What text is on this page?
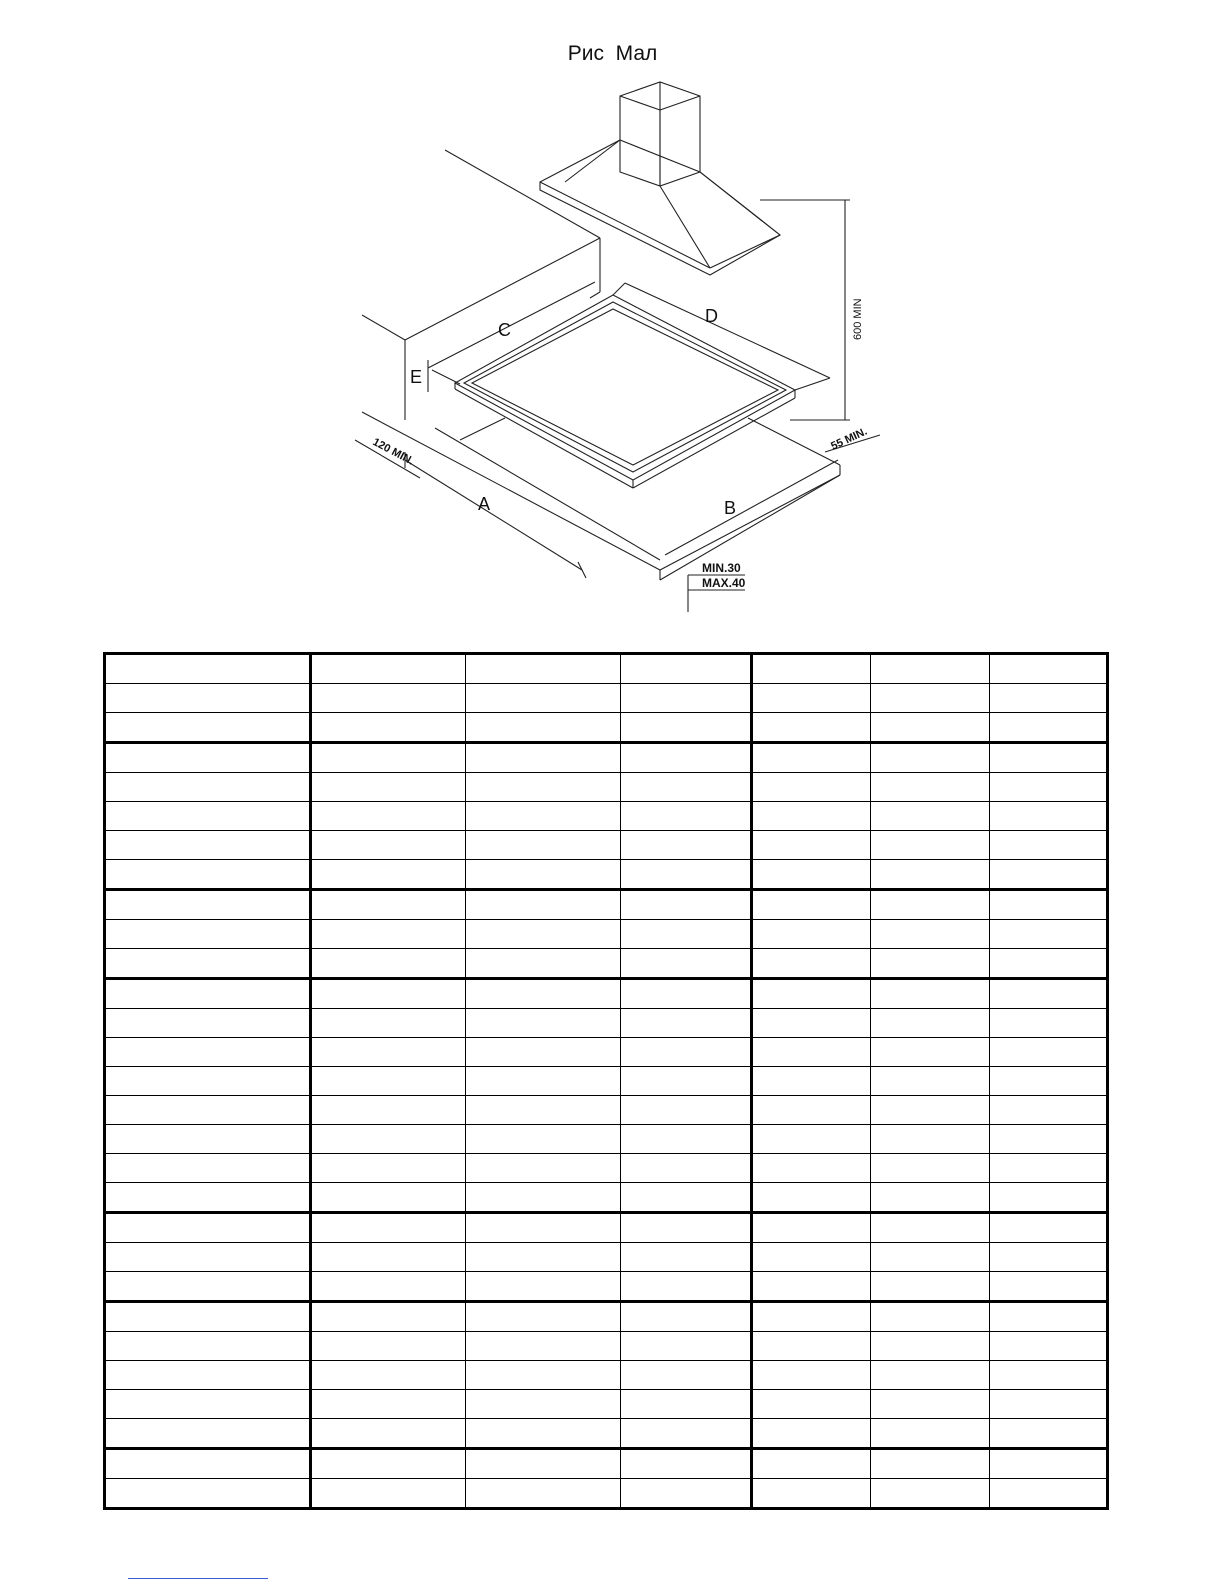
Рис  Мал
C
D
E
A	B
600 MIN
120 MIN.	55 MIN.
MIN.30
MAX.40
